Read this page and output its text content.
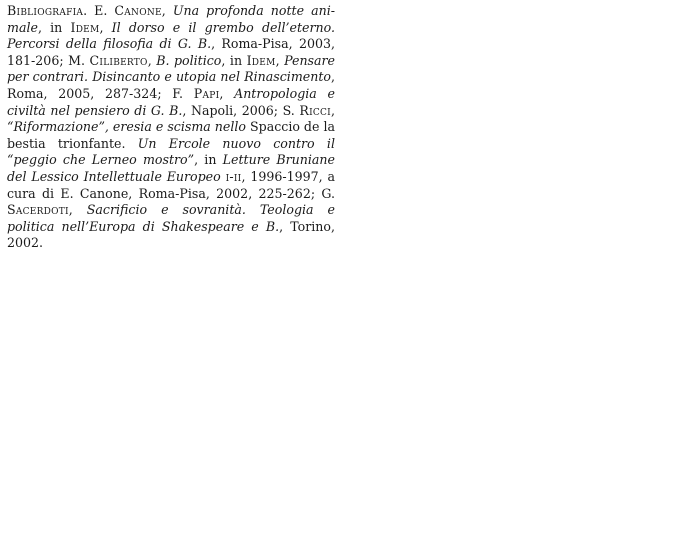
Bibliografia. E. Canone, Una profonda notte animale, in Idem, Il dorso e il grembo dell’eterno. Percorsi della filosofia di G. B., Roma-Pisa, 2003, 181-206; M. Ciliberto, B. politico, in Idem, Pensare per contrari. Disincanto e utopia nel Rinascimento, Roma, 2005, 287-324; F. Papi, Antropologia e civiltà nel pensiero di G. B., Napoli, 2006; S. Ricci, “Riformazione”, eresia e scisma nello Spaccio de la bestia trionfante. Un Ercole nuovo contro il “peggio che Lerneo mostro”, in Letture Bruniane del Lessico Intellettuale Europeo i-ii, 1996-1997, a cura di E. Canone, Roma-Pisa, 2002, 225-262; G. Sacerdoti, Sacrificio e sovranità. Teologia e politica nell’Europa di Shakespeare e B., Torino, 2002.
